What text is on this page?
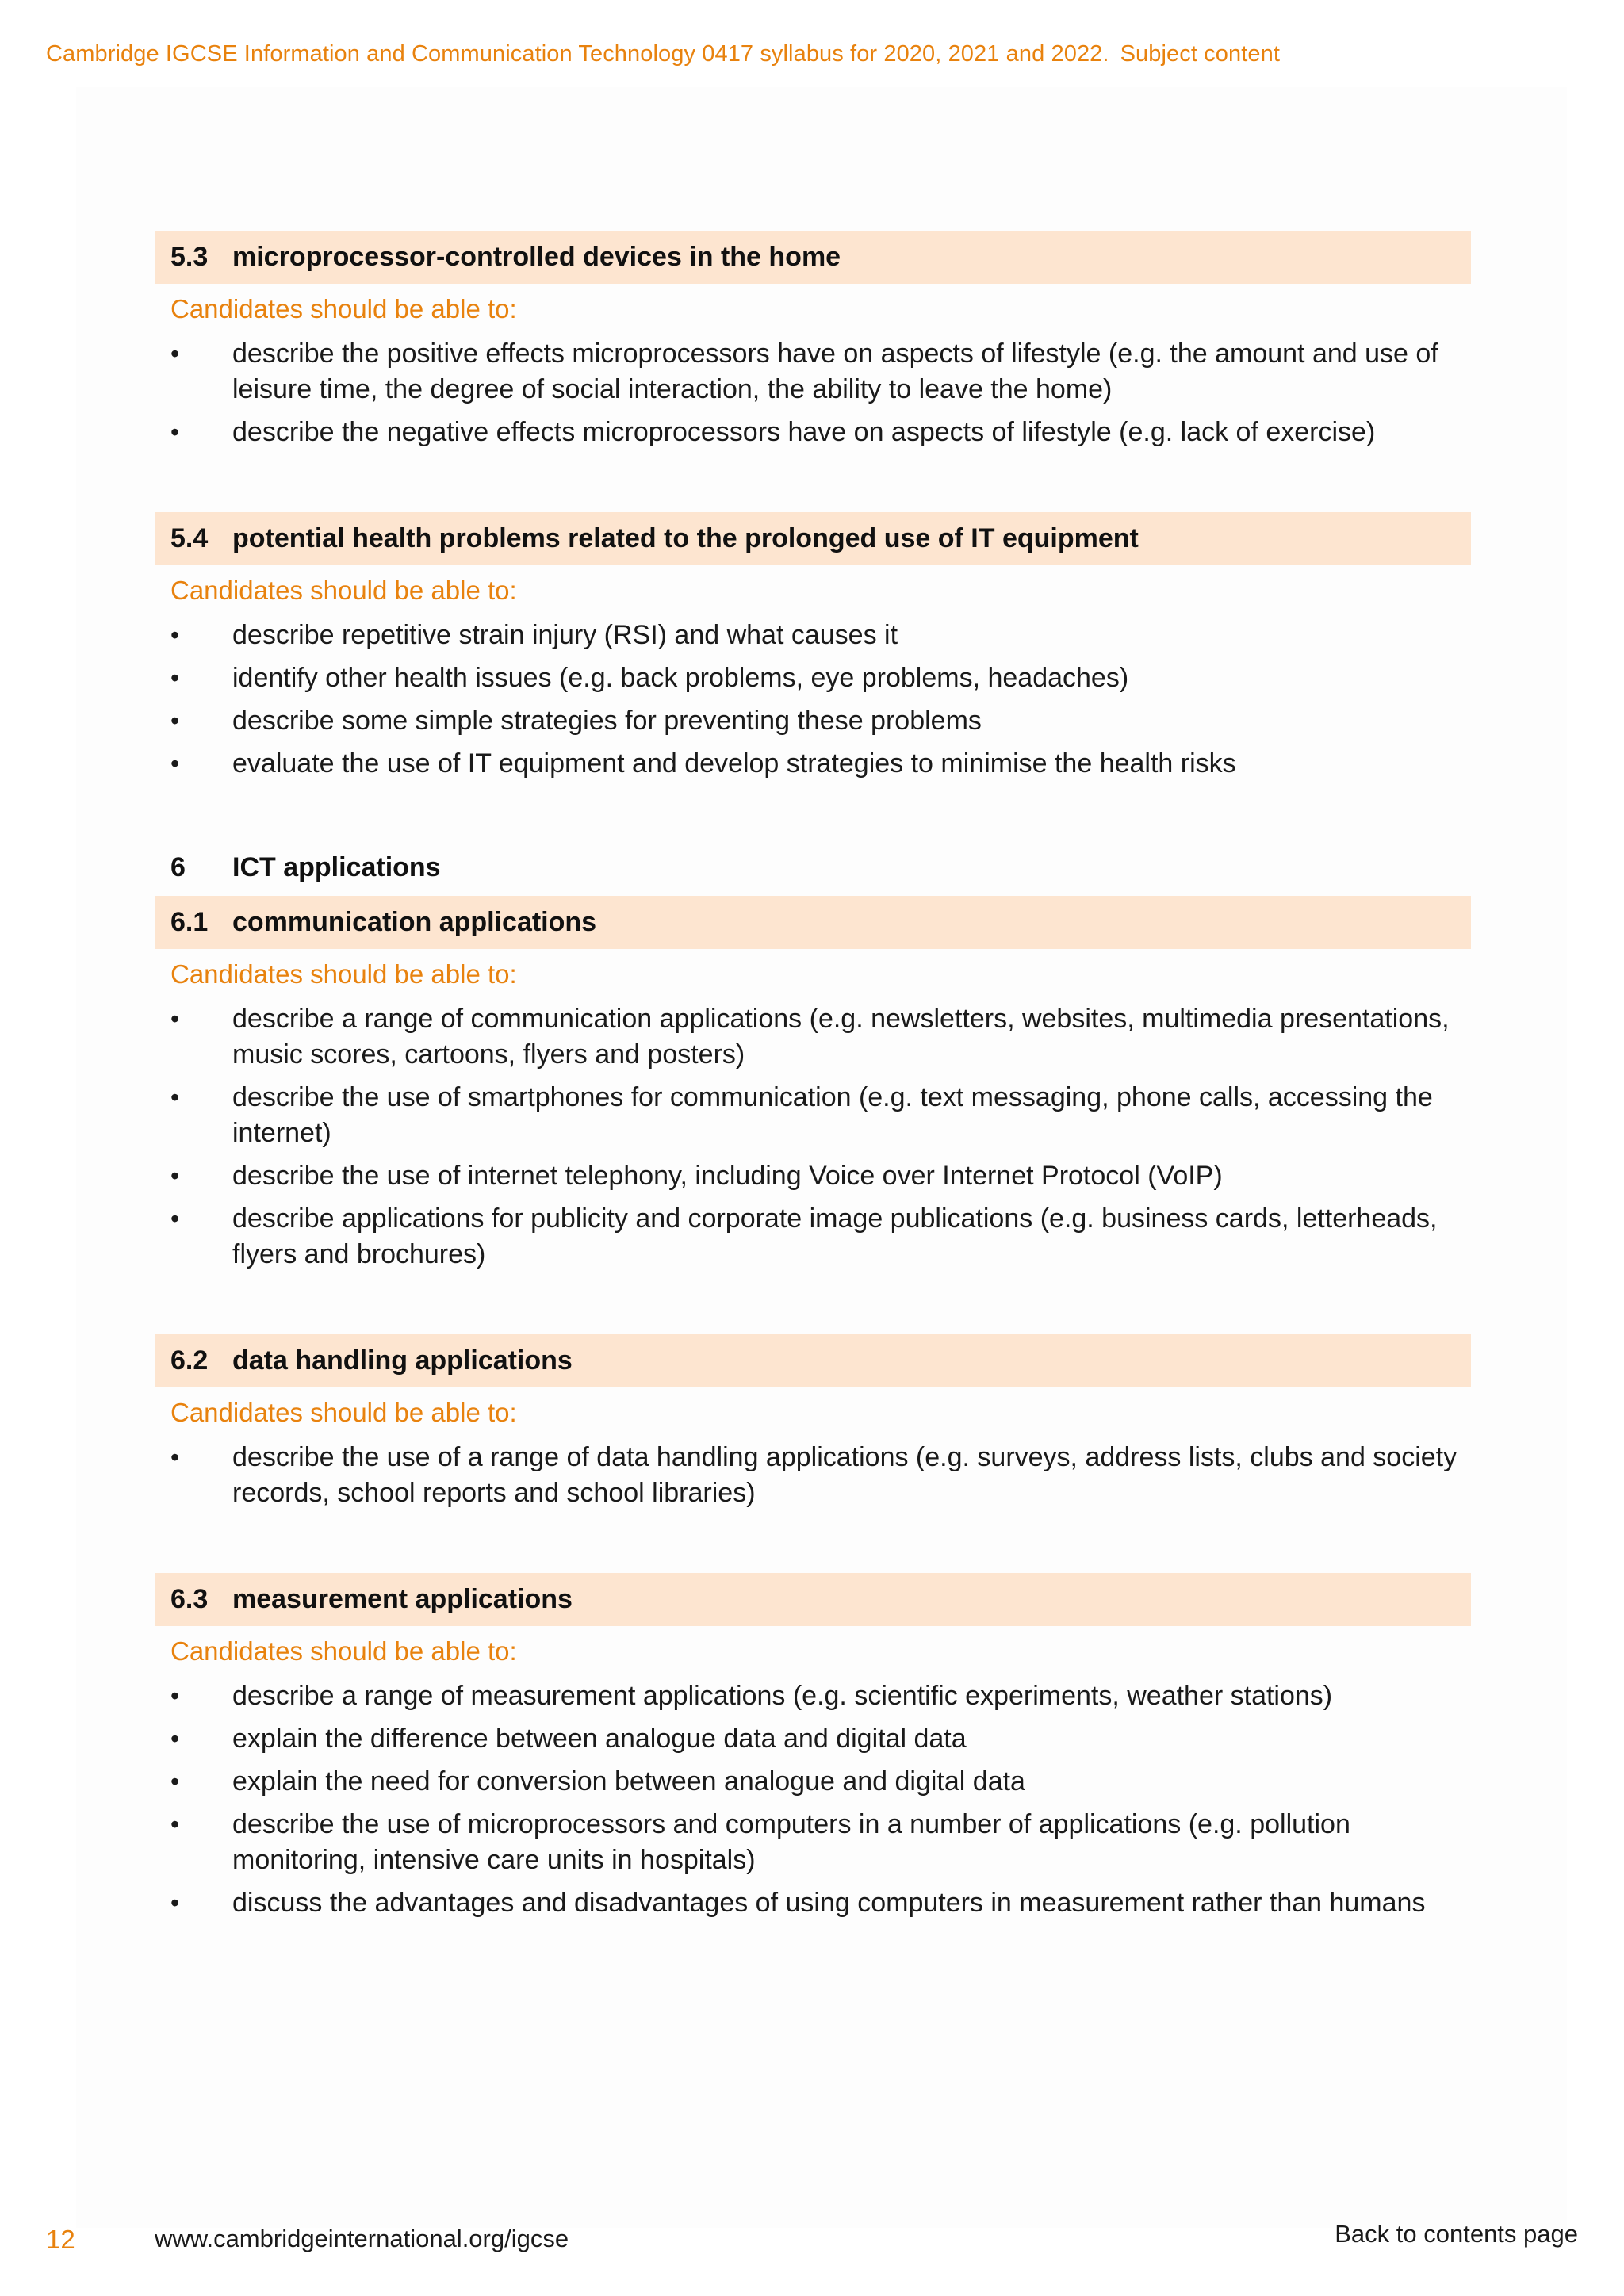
Cambridge IGCSE Information and Communication Technology 0417 syllabus for 2020, 2021 and 2022. Subject content
5.3 microprocessor-controlled devices in the home
Candidates should be able to:
•	describe the positive effects microprocessors have on aspects of lifestyle (e.g. the amount and use of leisure time, the degree of social interaction, the ability to leave the home)
•	describe the negative effects microprocessors have on aspects of lifestyle (e.g. lack of exercise)
5.4 potential health problems related to the prolonged use of IT equipment
Candidates should be able to:
•	describe repetitive strain injury (RSI) and what causes it
•	identify other health issues (e.g. back problems, eye problems, headaches)
•	describe some simple strategies for preventing these problems
•	evaluate the use of IT equipment and develop strategies to minimise the health risks
6	ICT applications
6.1 communication applications
Candidates should be able to:
•	describe a range of communication applications (e.g. newsletters, websites, multimedia presentations, music scores, cartoons, flyers and posters)
•	describe the use of smartphones for communication (e.g. text messaging, phone calls, accessing the internet)
•	describe the use of internet telephony, including Voice over Internet Protocol (VoIP)
•	describe applications for publicity and corporate image publications (e.g. business cards, letterheads, flyers and brochures)
6.2 data handling applications
Candidates should be able to:
•	describe the use of a range of data handling applications (e.g. surveys, address lists, clubs and society records, school reports and school libraries)
6.3 measurement applications
Candidates should be able to:
•	describe a range of measurement applications (e.g. scientific experiments, weather stations)
•	explain the difference between analogue data and digital data
•	explain the need for conversion between analogue and digital data
•	describe the use of microprocessors and computers in a number of applications (e.g. pollution monitoring, intensive care units in hospitals)
•	discuss the advantages and disadvantages of using computers in measurement rather than humans
12	www.cambridgeinternational.org/igcse	Back to contents page
